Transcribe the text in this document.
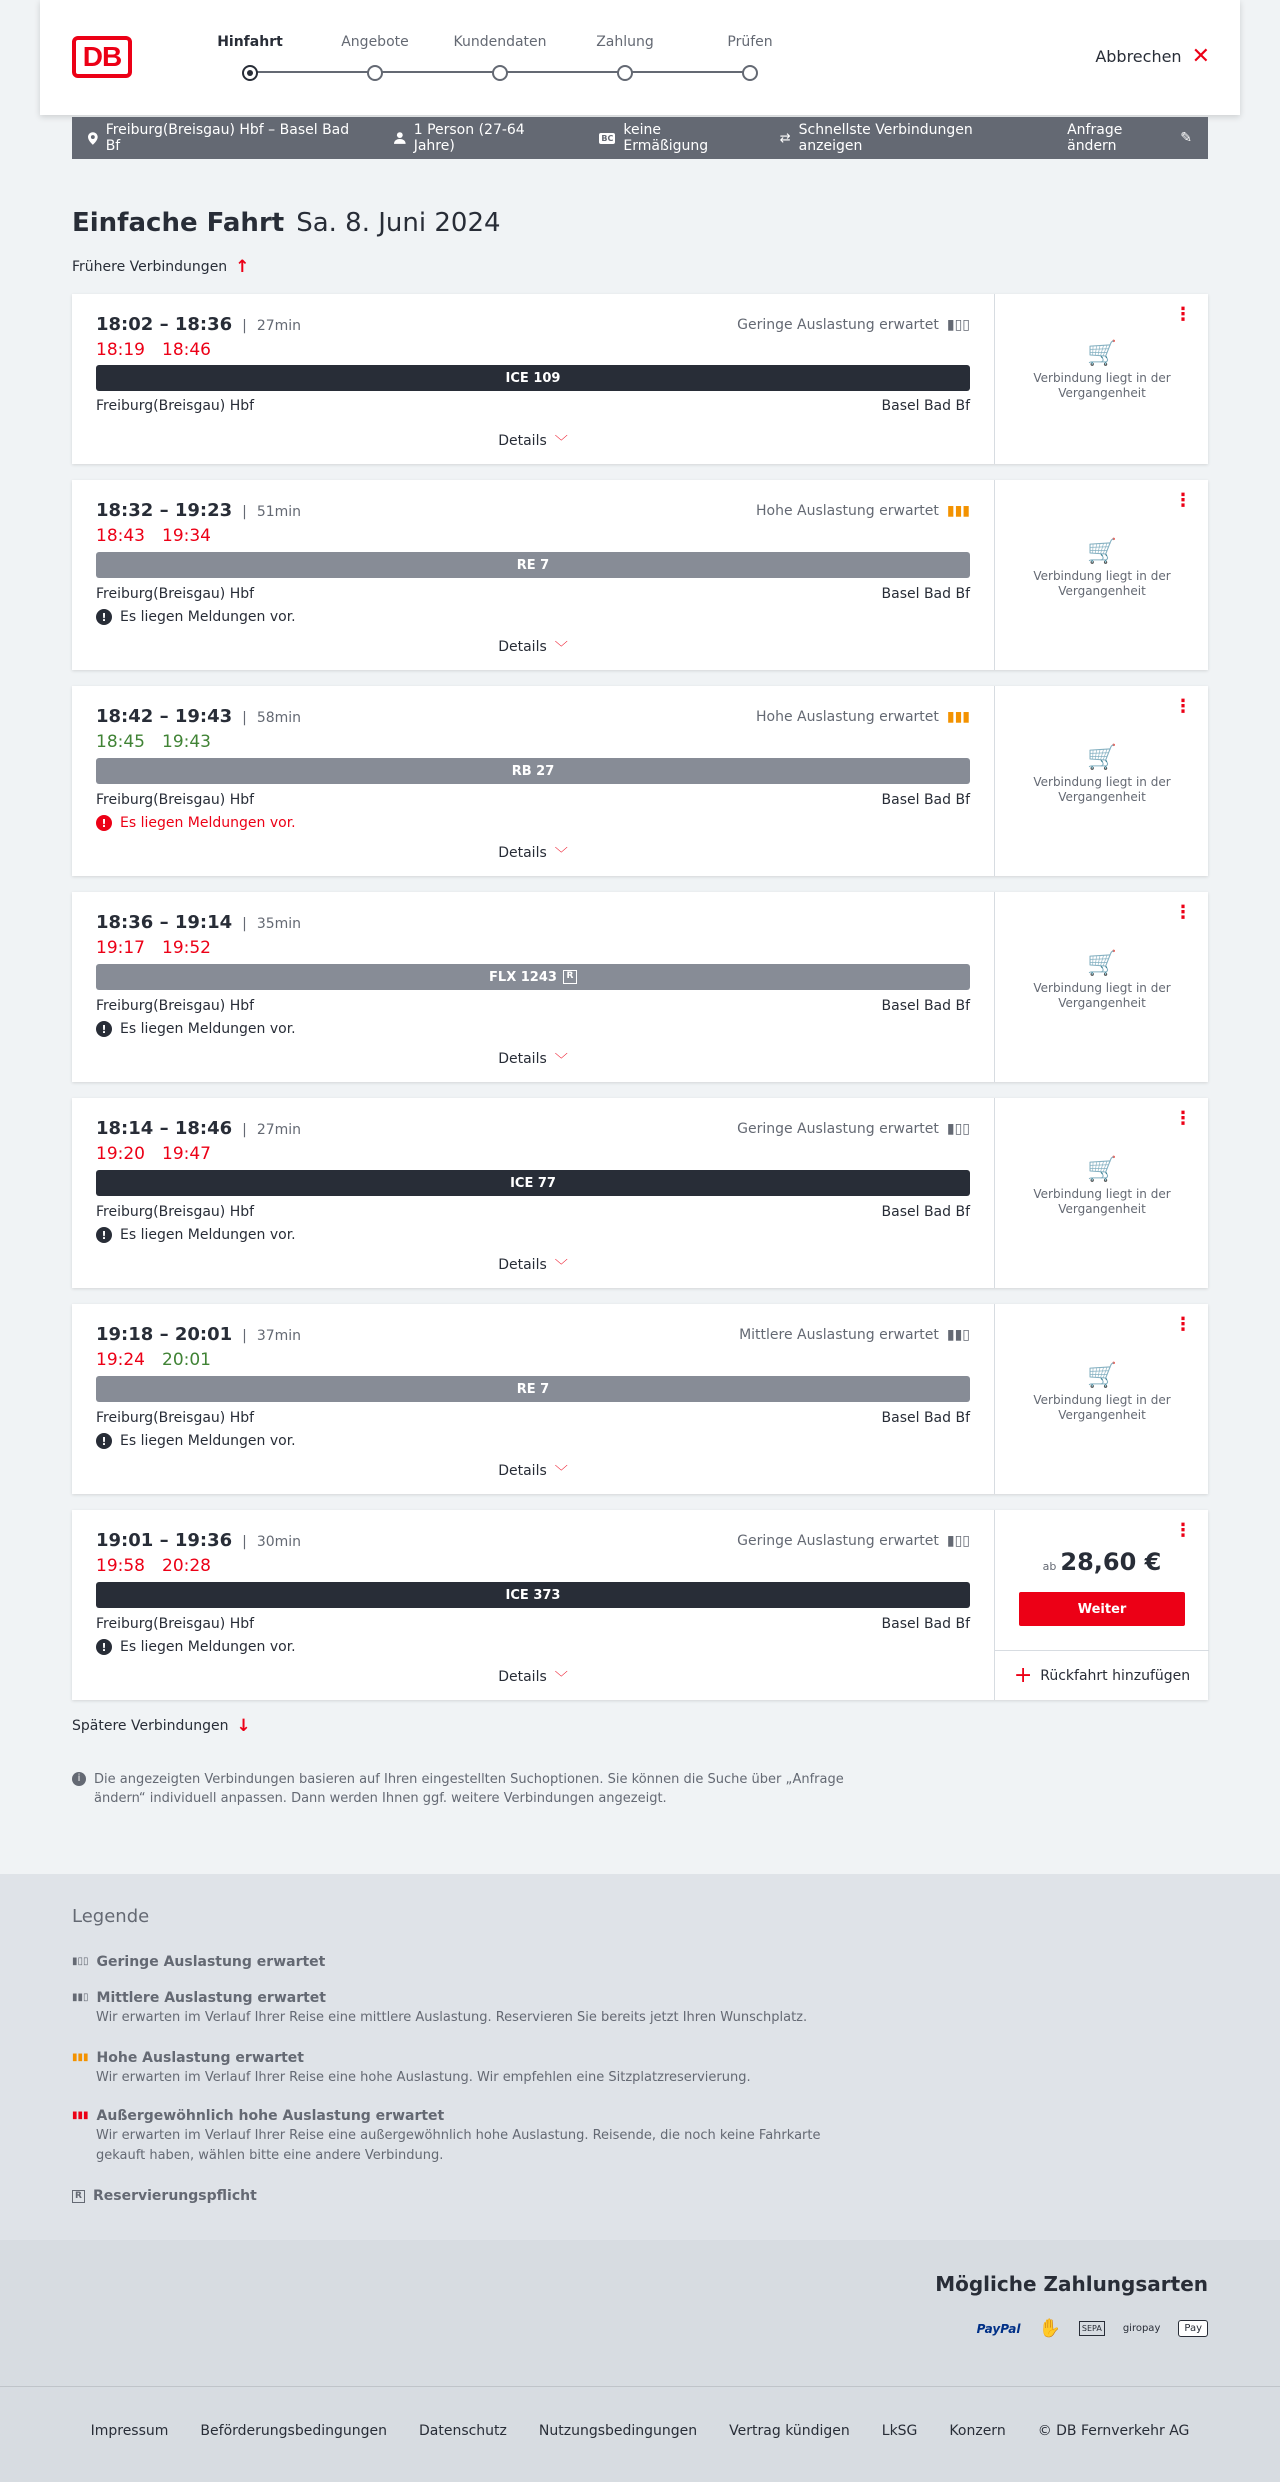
DB	Hinfahrt	Angebote	Kundendaten	Zahlung	Prüfen
Abbrechen ✕
Freiburg(Breisgau) Hbf – Basel Bad Bf
1 Person (27-64 Jahre)	BC keine Ermäßigung	⇄ Schnellste Verbindungen anzeigen
Anfrage ändern	✎
Einfache Fahrt Sa. 8. Juni 2024
Frühere Verbindungen ↑
18:02 – 18:36 | 27min
18:19	18:46
Geringe Auslastung erwartet ▮▯▯
ICE 109
Freiburg(Breisgau) Hbf	Basel Bad Bf
Details ﹀
⋮
🛒
Verbindung liegt in der Vergangenheit
18:32 – 19:23 | 51min
18:43	19:34
Hohe Auslastung erwartet ▮▮▮
RE 7
Freiburg(Breisgau) Hbf	Basel Bad Bf
! Es liegen Meldungen vor.
Details ﹀
⋮
🛒
Verbindung liegt in der Vergangenheit
18:42 – 19:43 | 58min
18:45	19:43
Hohe Auslastung erwartet ▮▮▮
RB 27
Freiburg(Breisgau) Hbf	Basel Bad Bf
! Es liegen Meldungen vor.
Details ﹀
⋮
🛒
Verbindung liegt in der Vergangenheit
18:36 – 19:14 | 35min
19:17	19:52
FLX 1243	R
Freiburg(Breisgau) Hbf	Basel Bad Bf
! Es liegen Meldungen vor.
Details ﹀
⋮
🛒
Verbindung liegt in der Vergangenheit
18:14 – 18:46 | 27min
19:20	19:47
Geringe Auslastung erwartet ▮▯▯
ICE 77
Freiburg(Breisgau) Hbf	Basel Bad Bf
! Es liegen Meldungen vor.
Details ﹀
⋮
🛒
Verbindung liegt in der Vergangenheit
19:18 – 20:01 | 37min
19:24	20:01
Mittlere Auslastung erwartet ▮▮▯
RE 7
Freiburg(Breisgau) Hbf	Basel Bad Bf
! Es liegen Meldungen vor.
Details ﹀
⋮
🛒
Verbindung liegt in der Vergangenheit
19:01 – 19:36 | 30min
19:58	20:28
Geringe Auslastung erwartet ▮▯▯
ICE 373
Freiburg(Breisgau) Hbf	Basel Bad Bf
! Es liegen Meldungen vor.
Details ﹀
⋮
ab 28,60 €
Weiter
+ Rückfahrt hinzufügen
Spätere Verbindungen ↓
i	Die angezeigten Verbindungen basieren auf Ihren eingestellten Suchoptionen. Sie können die Suche über „Anfrage ändern“ individuell anpassen. Dann werden Ihnen ggf. weitere Verbindungen angezeigt.
Legende
▮▯▯ Geringe Auslastung erwartet
▮▮▯ Mittlere Auslastung erwartet
Wir erwarten im Verlauf Ihrer Reise eine mittlere Auslastung. Reservieren Sie bereits jetzt Ihren Wunschplatz.
▮▮▮ Hohe Auslastung erwartet
Wir erwarten im Verlauf Ihrer Reise eine hohe Auslastung. Wir empfehlen eine Sitzplatzreservierung.
▮▮▮ Außergewöhnlich hohe Auslastung erwartet
Wir erwarten im Verlauf Ihrer Reise eine außergewöhnlich hohe Auslastung. Reisende, die noch keine Fahrkarte gekauft haben, wählen bitte eine andere Verbindung.
R Reservierungspflicht
Mögliche Zahlungsarten
PayPal ✋	SEPA	giropay	Pay
Impressum Beförderungsbedingungen Datenschutz Nutzungsbedingungen Vertrag kündigen LkSG Konzern © DB Fernverkehr AG
